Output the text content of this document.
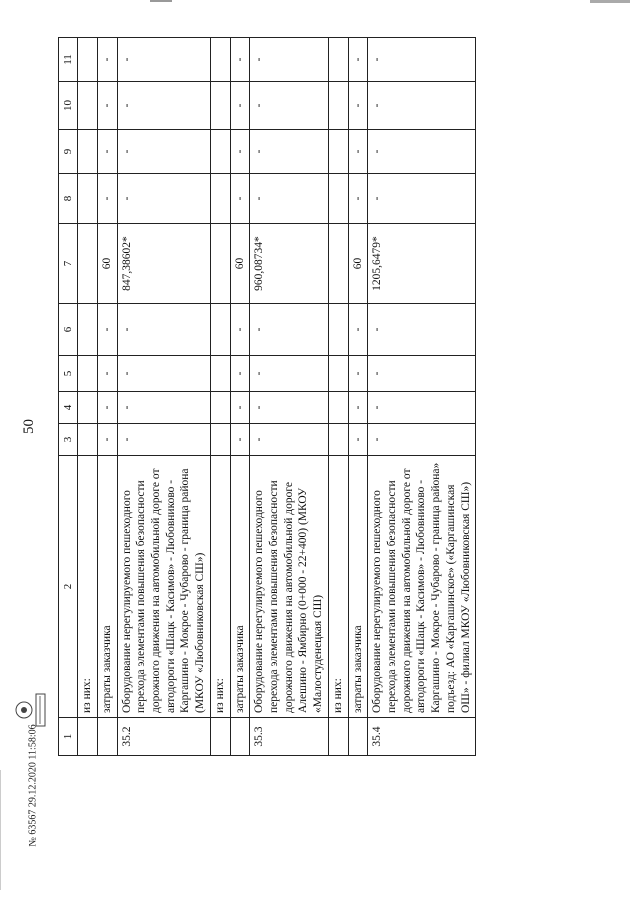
50
1	2	3	4	5	6	7	8	9	10	11
	из них:									
	затраты заказчика	-	-	-	-	60	-	-	-	-
35.2	Оборудование нерегулируемого пешеходного перехода элементами повышения безопасности дорожного движения на автомобильной дороге от автодороги «Шацк - Касимов» - Любовниково - Каргашино - Мокрое - Чубарово - граница района (МКОУ «Любовниковская СШ»)	-	-	-	-	847,38602*	-	-	-	-
	из них:									
	затраты заказчика	-	-	-	-	60	-	-	-	-
35.3	Оборудование нерегулируемого пешеходного перехода элементами повышения безопасности дорожного движения на автомобильной дороге Алешино - Ямбирно (0+000 - 22+400) (МКОУ «Малостуденецкая СШ)	-	-	-	-	960,08734*	-	-	-	-
	из них:									
	затраты заказчика	-	-	-	-	60	-	-	-	-
35.4	Оборудование нерегулируемого пешеходного перехода элементами повышения безопасности дорожного движения на автомобильной дороге от автодороги «Шацк - Касимов» - Любовниково - Каргашино - Мокрое - Чубарово - граница района» подъезд: АО «Каргашинское» («Каргашинская ОШ» - филиал МКОУ «Любовниковская СШ»)	-	-	-	-	1205,6479*	-	-	-	-
№ 63567 29.12.2020 11:58:06
